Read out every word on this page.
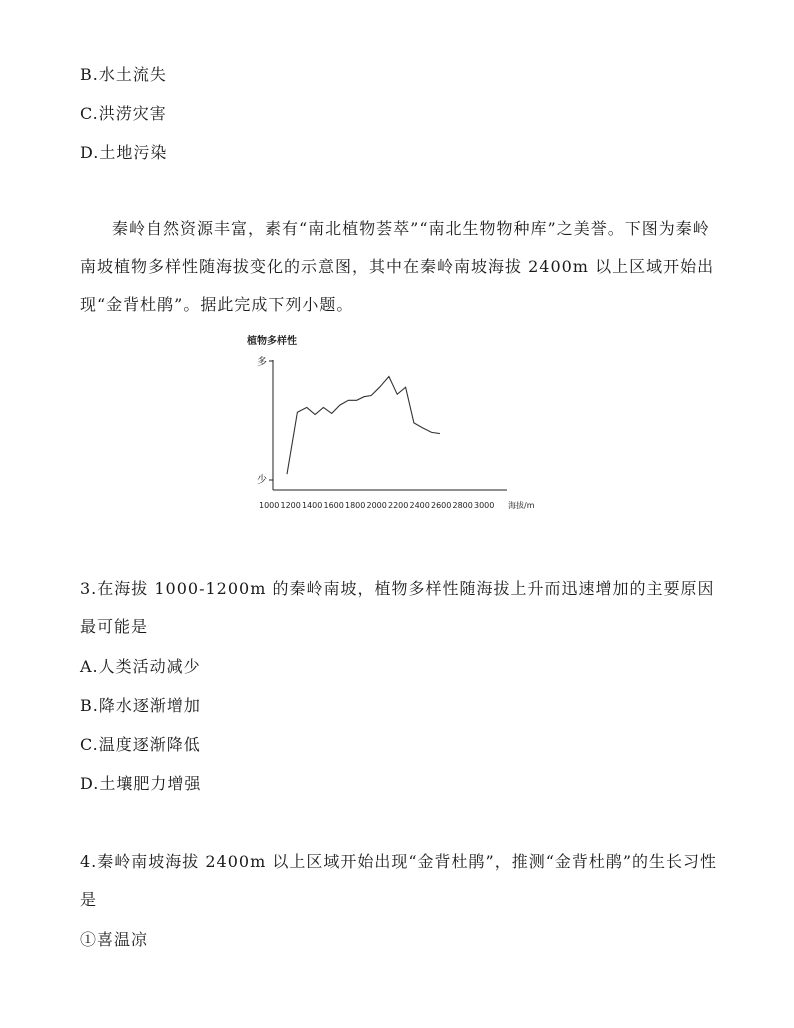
B.水土流失
C.洪涝灾害
D.土地污染
秦岭自然资源丰富，素有“南北植物荟萃”“南北生物物种库”之美誉。下图为秦岭南坡植物多样性随海拔变化的示意图，其中在秦岭南坡海拔 2400m 以上区域开始出现“金背杜鹃”。据此完成下列小题。
植物多样性
多
少
1000 1200 1400 1600 1800 2000 2200 2400 2600 2800 3000 海拔/m
3.在海拔 1000-1200m 的秦岭南坡，植物多样性随海拔上升而迅速增加的主要原因最可能是
A.人类活动减少
B.降水逐渐增加
C.温度逐渐降低
D.土壤肥力增强
4.秦岭南坡海拔 2400m 以上区域开始出现“金背杜鹃”，推测“金背杜鹃”的生长习性是
①喜温凉
